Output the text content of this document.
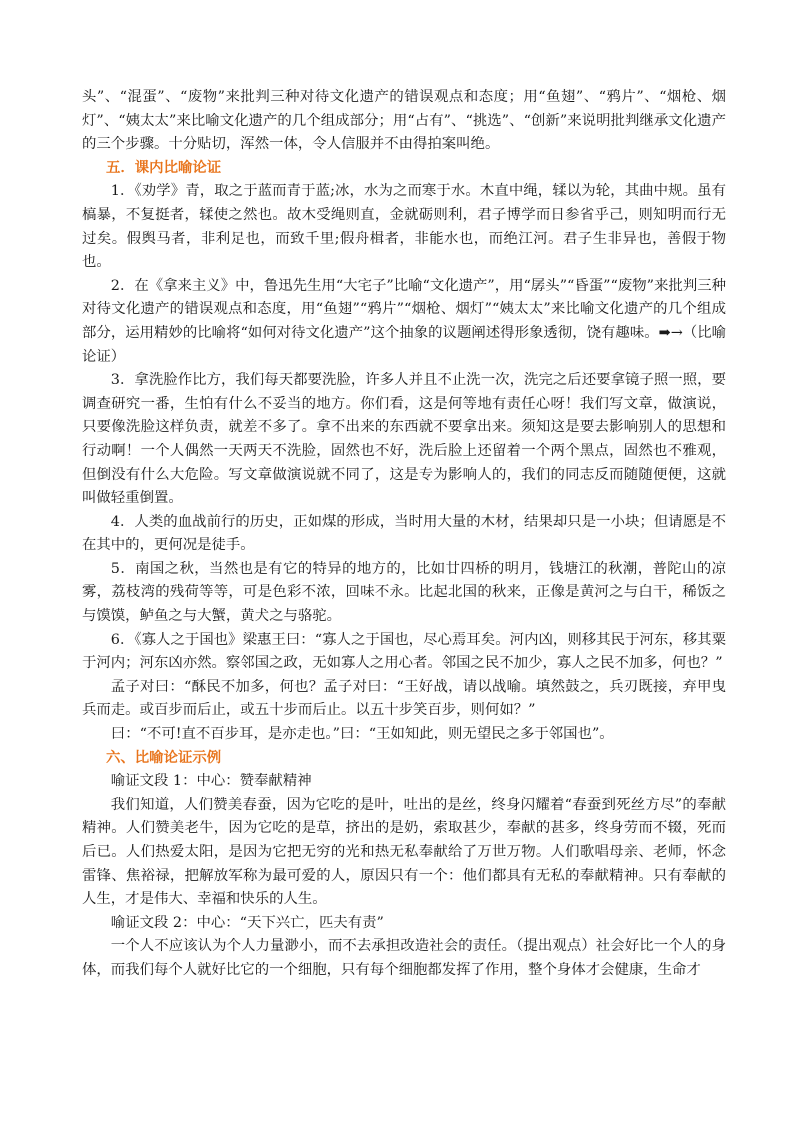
头”、“混蛋”、“废物”来批判三种对待文化遗产的错误观点和态度；用“鱼翅”、“鸦片”、“烟枪、烟灯”、“姨太太”来比喻文化遗产的几个组成部分；用“占有”、“挑选”、“创新”来说明批判继承文化遗产的三个步骤。十分贴切，浑然一体，令人信服并不由得拍案叫绝。

五．课内比喻论证

1．《劝学》青，取之于蓝而青于蓝;冰，水为之而寒于水。木直中绳，𫐓以为轮，其曲中规。虽有槁暴，不复挺者，𫐓使之然也。故木受绳则直，金就砺则利，君子博学而日参省乎己，则知明而行无过矣。假舆马者，非利足也，而致千里;假舟楫者，非能水也，而绝江河。君子生非异也，善假于物也。

2．在《拿来主义》中，鲁迅先生用“大宅子”比喻“文化遗产”，用“孱头”“昏蛋”“废物”来批判三种对待文化遗产的错误观点和态度，用“鱼翅”“鸦片”“烟枪、烟灯”“姨太太”来比喻文化遗产的几个组成部分，运用精妙的比喻将“如何对待文化遗产”这个抽象的议题阐述得形象透彻，饶有趣味。➡→（比喻论证）

3．拿洗脸作比方，我们每天都要洗脸，许多人并且不止洗一次，洗完之后还要拿镜子照一照，要调查研究一番，生怕有什么不妥当的地方。你们看，这是何等地有责任心呀！我们写文章，做演说，只要像洗脸这样负责，就差不多了。拿不出来的东西就不要拿出来。须知这是要去影响别人的思想和行动啊！一个人偶然一天两天不洗脸，固然也不好，洗后脸上还留着一个两个黑点，固然也不雅观，但倒没有什么大危险。写文章做演说就不同了，这是专为影响人的，我们的同志反而随随便便，这就叫做轻重倒置。

4．人类的血战前行的历史，正如煤的形成，当时用大量的木材，结果却只是一小块；但请愿是不在其中的，更何况是徒手。

5．南国之秋，当然也是有它的特异的地方的，比如廿四桥的明月，钱塘江的秋潮，普陀山的凉雾，荔枝湾的残荷等等，可是色彩不浓，回味不永。比起北国的秋来，正像是黄河之与白干，稀饭之与馍馍，鲈鱼之与大蟹，黄犬之与骆驼。

6．《寡人之于国也》梁惠王曰：“寡人之于国也，尽心焉耳矣。河内凶，则移其民于河东，移其粟于河内；河东凶亦然。察邻国之政，无如寡人之用心者。邻国之民不加少，寡人之民不加多，何也？”

孟子对曰：“酥民不加多，何也？孟子对曰：“王好战，请以战喻。填然鼓之，兵刃既接，弃甲曳兵而走。或百步而后止，或五十步而后止。以五十步笑百步，则何如？”

曰：“不可!直不百步耳，是亦走也。”曰：“王如知此，则无望民之多于邻国也”。

六、比喻论证示例

喻证文段 1：中心：赞奉献精神

我们知道，人们赞美春蚕，因为它吃的是叶，吐出的是丝，终身闪耀着“春蚕到死丝方尽”的奉献精神。人们赞美老牛，因为它吃的是草，挤出的是奶，索取甚少，奉献的甚多，终身劳而不辍，死而后已。人们热爱太阳，是因为它把无穷的光和热无私奉献给了万世万物。人们歌唱母亲、老师，怀念雷锋、焦裕禄，把解放军称为最可爱的人，原因只有一个：他们都具有无私的奉献精神。只有奉献的人生，才是伟大、幸福和快乐的人生。

喻证文段 2：中心：“天下兴亡，匹夫有责”

一个人不应该认为个人力量渺小，而不去承担改造社会的责任。（提出观点）社会好比一个人的身体，而我们每个人就好比它的一个细胞，只有每个细胞都发挥了作用，整个身体才会健康，生命才
